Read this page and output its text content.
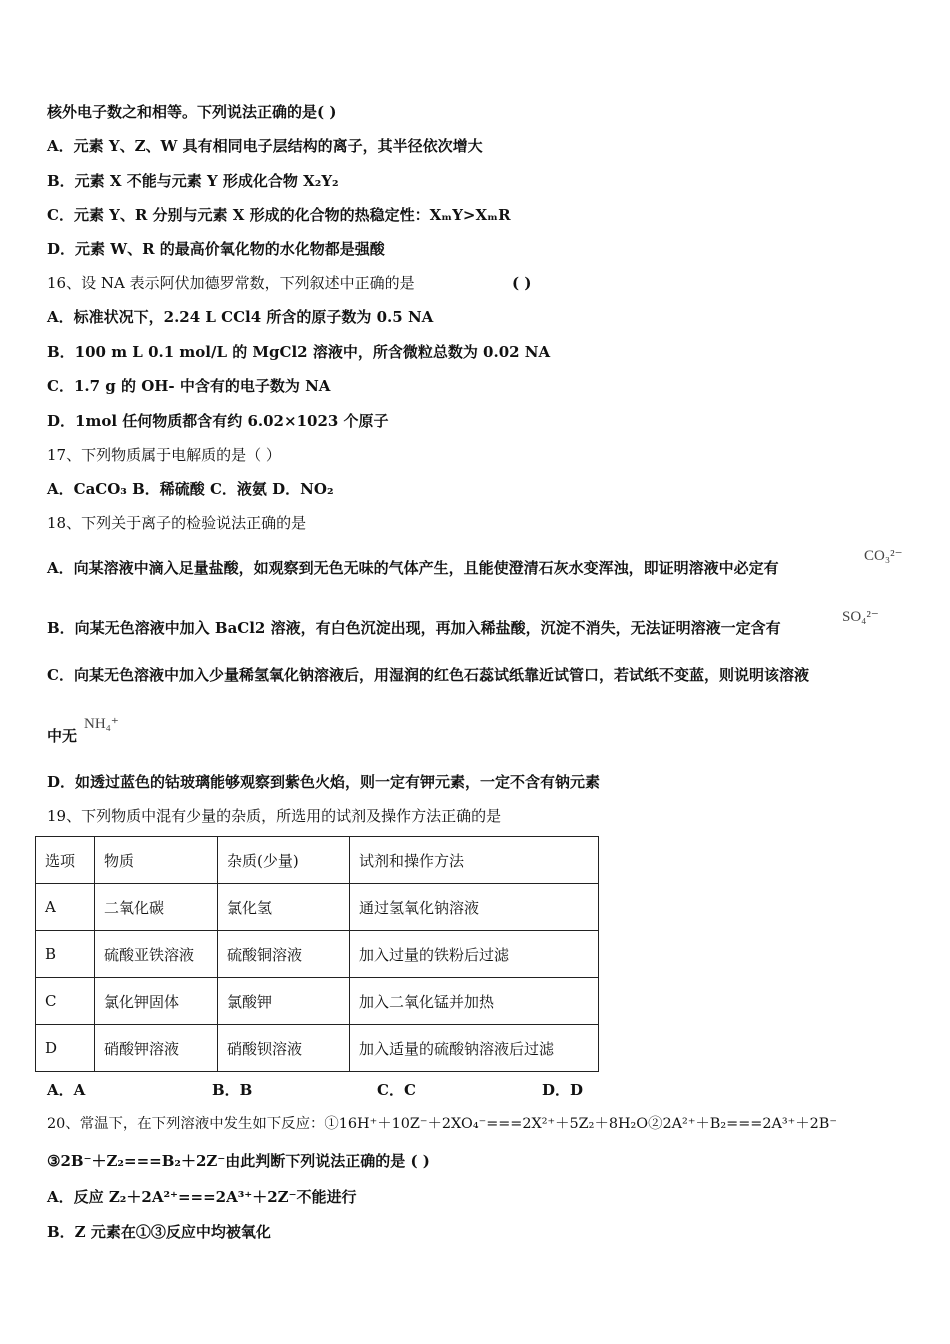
核外电子数之和相等。下列说法正确的是( )
A．元素 Y、Z、W 具有相同电子层结构的离子，其半径依次增大
B．元素 X 不能与元素 Y 形成化合物 X₂Y₂
C．元素 Y、R 分别与元素 X 形成的化合物的热稳定性：XₘY>XₘR
D．元素 W、R 的最高价氧化物的水化物都是强酸
16、设 NA 表示阿伏加德罗常数，下列叙述中正确的是	( )
A．标准状况下，2.24 L CCl4 所含的原子数为 0.5 NA
B．100 m L 0.1 mol/L 的 MgCl2 溶液中，所含微粒总数为 0.02 NA
C．1.7 g 的 OH- 中含有的电子数为 NA
D．1mol 任何物质都含有约 6.02×1023 个原子
17、下列物质属于电解质的是（ ）
A．CaCO₃ B．稀硫酸 C．液氨 D．NO₂
18、下列关于离子的检验说法正确的是
A．向某溶液中滴入足量盐酸，如观察到无色无味的气体产生，且能使澄清石灰水变浑浊，即证明溶液中必定有
CO₃²⁻
B．向某无色溶液中加入 BaCl2 溶液，有白色沉淀出现，再加入稀盐酸，沉淀不消失，无法证明溶液一定含有
SO₄²⁻
C．向某无色溶液中加入少量稀氢氧化钠溶液后，用湿润的红色石蕊试纸靠近试管口，若试纸不变蓝，则说明该溶液
中无
NH₄⁺
D．如透过蓝色的钴玻璃能够观察到紫色火焰，则一定有钾元素，一定不含有钠元素
19、下列物质中混有少量的杂质，所选用的试剂及操作方法正确的是
选项	物质	杂质(少量)	试剂和操作方法
A	二氧化碳	氯化氢	通过氢氧化钠溶液
B	硫酸亚铁溶液	硫酸铜溶液	加入过量的铁粉后过滤
C	氯化钾固体	氯酸钾	加入二氧化锰并加热
D	硝酸钾溶液	硝酸钡溶液	加入适量的硫酸钠溶液后过滤
A．A	B．B	C．C	D．D
20、常温下，在下列溶液中发生如下反应：①16H⁺＋10Z⁻＋2XO₄⁻===2X²⁺＋5Z₂＋8H₂O②2A²⁺＋B₂===2A³⁺＋2B⁻
③2B⁻＋Z₂===B₂＋2Z⁻由此判断下列说法正确的是 ( )
A．反应 Z₂＋2A²⁺===2A³⁺＋2Z⁻不能进行
B．Z 元素在①③反应中均被氧化
